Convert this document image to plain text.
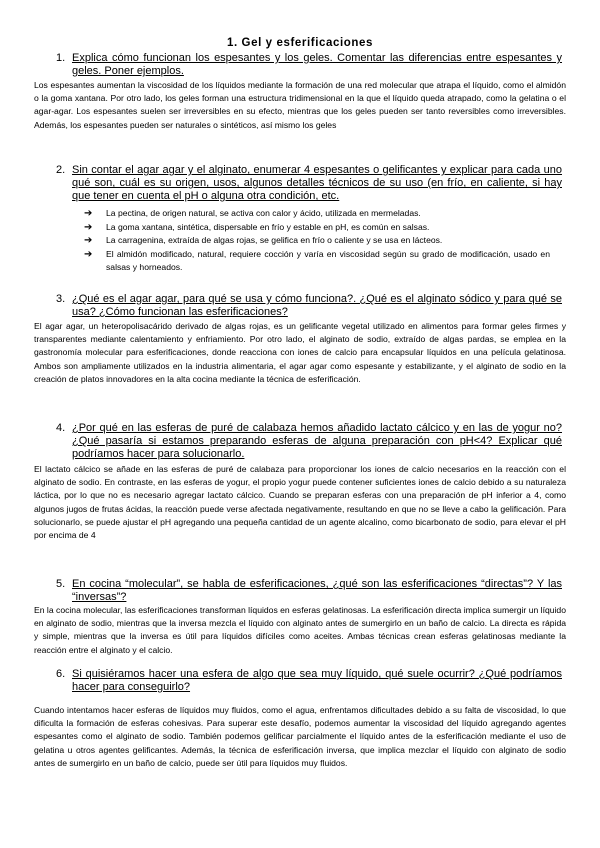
1. Gel y esferificaciones
1. Explica cómo funcionan los espesantes y los geles. Comentar las diferencias entre espesantes y geles. Poner ejemplos.
Los espesantes aumentan la viscosidad de los líquidos mediante la formación de una red molecular que atrapa el líquido, como el almidón o la goma xantana. Por otro lado, los geles forman una estructura tridimensional en la que el líquido queda atrapado, como la gelatina o el agar-agar. Los espesantes suelen ser irreversibles en su efecto, mientras que los geles pueden ser tanto reversibles como irreversibles. Además, los espesantes pueden ser naturales o sintéticos, así mismo los geles
2. Sin contar el agar agar y el alginato, enumerar 4 espesantes o gelificantes y explicar para cada uno qué son, cuál es su origen, usos, algunos detalles técnicos de su uso (en frío, en caliente, si hay que tener en cuenta el pH o alguna otra condición, etc.
➔ La pectina, de origen natural, se activa con calor y ácido, utilizada en mermeladas.
➔ La goma xantana, sintética, dispersable en frío y estable en pH, es común en salsas.
➔ La carragenina, extraída de algas rojas, se gelifica en frío o caliente y se usa en lácteos.
➔ El almidón modificado, natural, requiere cocción y varía en viscosidad según su grado de modificación, usado en salsas y horneados.
3. ¿Qué es el agar agar, para qué se usa y cómo funciona?. ¿Qué es el alginato sódico y para qué se usa? ¿Cómo funcionan las esferificaciones?
El agar agar, un heteropolisacárido derivado de algas rojas, es un gelificante vegetal utilizado en alimentos para formar geles firmes y transparentes mediante calentamiento y enfriamiento. Por otro lado, el alginato de sodio, extraído de algas pardas, se emplea en la gastronomía molecular para esferificaciones, donde reacciona con iones de calcio para encapsular líquidos en una película gelatinosa. Ambos son ampliamente utilizados en la industria alimentaria, el agar agar como espesante y estabilizante, y el alginato de sodio en la creación de platos innovadores en la alta cocina mediante la técnica de esferificación.
4. ¿Por qué en las esferas de puré de calabaza hemos añadido lactato cálcico y en las de yogur no? ¿Qué pasaría si estamos preparando esferas de alguna preparación con pH<4? Explicar qué podríamos hacer para solucionarlo.
El lactato cálcico se añade en las esferas de puré de calabaza para proporcionar los iones de calcio necesarios en la reacción con el alginato de sodio. En contraste, en las esferas de yogur, el propio yogur puede contener suficientes iones de calcio debido a su naturaleza láctica, por lo que no es necesario agregar lactato cálcico. Cuando se preparan esferas con una preparación de pH inferior a 4, como algunos jugos de frutas ácidas, la reacción puede verse afectada negativamente, resultando en que no se lleve a cabo la gelificación. Para solucionarlo, se puede ajustar el pH agregando una pequeña cantidad de un agente alcalino, como bicarbonato de sodio, para elevar el pH por encima de 4
5. En cocina “molecular”, se habla de esferificaciones, ¿qué son las esferificaciones “directas”? Y las “inversas”?
En la cocina molecular, las esferificaciones transforman líquidos en esferas gelatinosas. La esferificación directa implica sumergir un líquido en alginato de sodio, mientras que la inversa mezcla el líquido con alginato antes de sumergirlo en un baño de calcio. La directa es rápida y simple, mientras que la inversa es útil para líquidos difíciles como aceites. Ambas técnicas crean esferas gelatinosas mediante la reacción entre el alginato y el calcio.
6. Si quisiéramos hacer una esfera de algo que sea muy líquido, qué suele ocurrir? ¿Qué podríamos hacer para conseguirlo?
Cuando intentamos hacer esferas de líquidos muy fluidos, como el agua, enfrentamos dificultades debido a su falta de viscosidad, lo que dificulta la formación de esferas cohesivas. Para superar este desafío, podemos aumentar la viscosidad del líquido agregando agentes espesantes como el alginato de sodio. También podemos gelificar parcialmente el líquido antes de la esferificación mediante el uso de gelatina u otros agentes gelificantes. Además, la técnica de esferificación inversa, que implica mezclar el líquido con alginato de sodio antes de sumergirlo en un baño de calcio, puede ser útil para líquidos muy fluidos.
